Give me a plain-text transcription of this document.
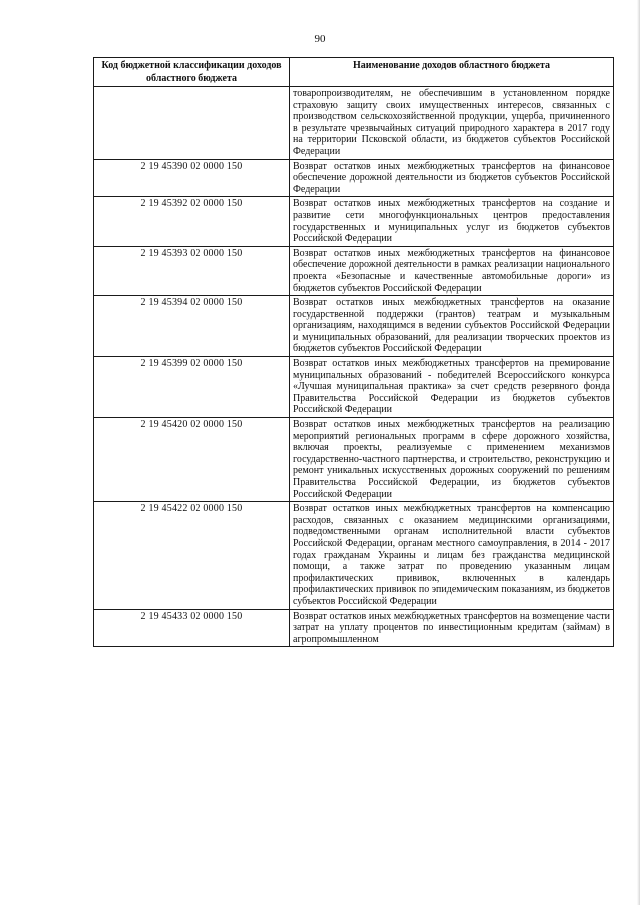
90
Код бюджетной классификации доходов областного бюджета	Наименование доходов областного бюджета
	товаропроизводителям, не обеспечившим в установленном порядке страховую защиту своих имущественных интересов, связанных с производством сельскохозяйственной продукции, ущерба, причиненного в результате чрезвычайных ситуаций природного характера в 2017 году на территории Псковской области, из бюджетов субъектов Российской Федерации
2 19 45390 02 0000 150	Возврат остатков иных межбюджетных трансфертов на финансовое обеспечение дорожной деятельности из бюджетов субъектов Российской Федерации
2 19 45392 02 0000 150	Возврат остатков иных межбюджетных трансфертов на создание и развитие сети многофункциональных центров предоставления государственных и муниципальных услуг из бюджетов субъектов Российской Федерации
2 19 45393 02 0000 150	Возврат остатков иных межбюджетных трансфертов на финансовое обеспечение дорожной деятельности в рамках реализации национального проекта «Безопасные и качественные автомобильные дороги» из бюджетов субъектов Российской Федерации
2 19 45394 02 0000 150	Возврат остатков иных межбюджетных трансфертов на оказание государственной поддержки (грантов) театрам и музыкальным организациям, находящимся в ведении субъектов Российской Федерации и муниципальных образований, для реализации творческих проектов из бюджетов субъектов Российской Федерации
2 19 45399 02 0000 150	Возврат остатков иных межбюджетных трансфертов на премирование муниципальных образований - победителей Всероссийского конкурса «Лучшая муниципальная практика» за счет средств резервного фонда Правительства Российской Федерации из бюджетов субъектов Российской Федерации
2 19 45420 02 0000 150	Возврат остатков иных межбюджетных трансфертов на реализацию мероприятий региональных программ в сфере дорожного хозяйства, включая проекты, реализуемые с применением механизмов государственно-частного партнерства, и строительство, реконструкцию и ремонт уникальных искусственных дорожных сооружений по решениям Правительства Российской Федерации, из бюджетов субъектов Российской Федерации
2 19 45422 02 0000 150	Возврат остатков иных межбюджетных трансфертов на компенсацию расходов, связанных с оказанием медицинскими организациями, подведомственными органам исполнительной власти субъектов Российской Федерации, органам местного самоуправления, в 2014 - 2017 годах гражданам Украины и лицам без гражданства медицинской помощи, а также затрат по проведению указанным лицам профилактических прививок, включенных в календарь профилактических прививок по эпидемическим показаниям, из бюджетов субъектов Российской Федерации
2 19 45433 02 0000 150	Возврат остатков иных межбюджетных трансфертов на возмещение части затрат на уплату процентов по инвестиционным кредитам (займам) в агропромышленном
